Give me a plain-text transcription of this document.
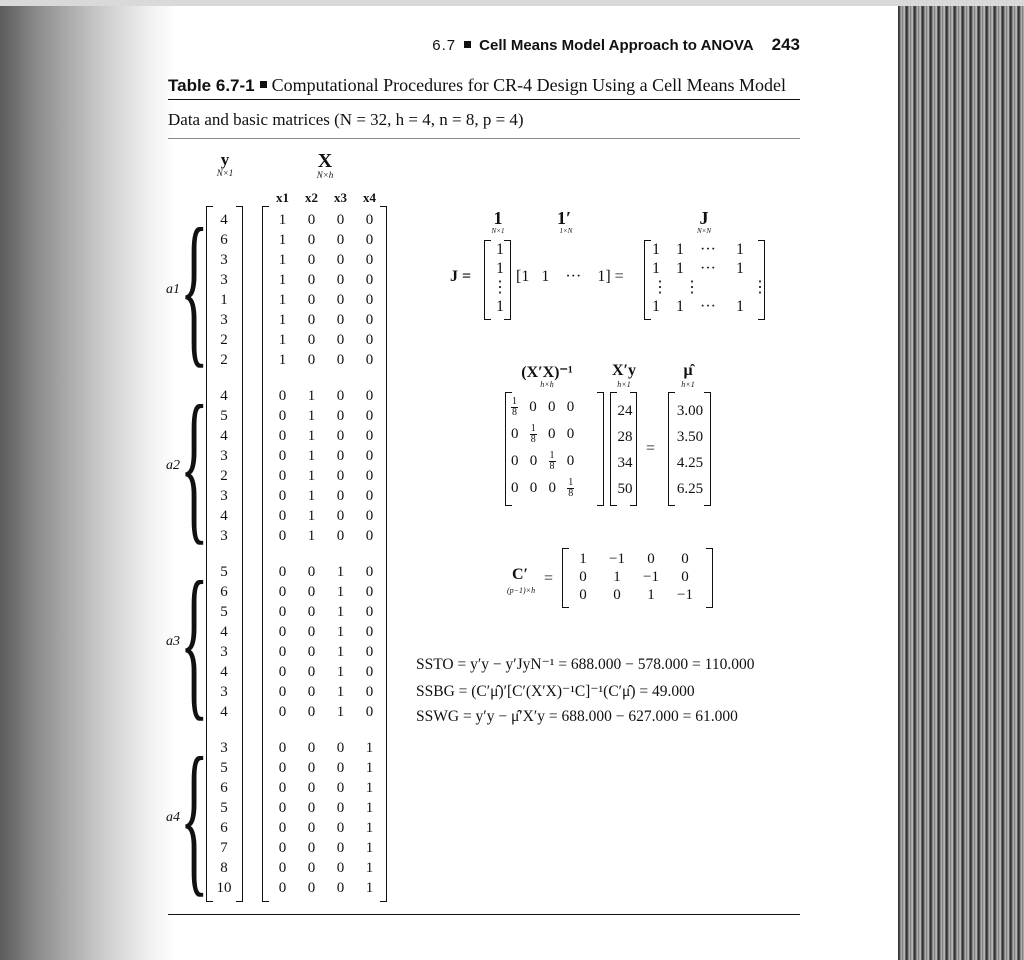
6.7 Cell Means Model Approach to ANOVA 243
Table 6.7-1 Computational Procedures for CR-4 Design Using a Cell Means Model
Data and basic matrices (N = 32, h = 4, n = 8, p = 4)
y
N×1
X
N×h
x1 x2 x3 x4
a1 { 4
6
3
3
1
3
2
2
a2 { 4
5
4
3
2
3
4
3
a3 { 5
6
5
4
3
4
3
4
a4 { 3
5
6
5
6
7
8
10
1 0 0 0
1 0 0 0
1 0 0 0
1 0 0 0
1 0 0 0
1 0 0 0
1 0 0 0
1 0 0 0
0 1 0 0
0 1 0 0
0 1 0 0
0 1 0 0
0 1 0 0
0 1 0 0
0 1 0 0
0 1 0 0
0 0 1 0
0 0 1 0
0 0 1 0
0 0 1 0
0 0 1 0
0 0 1 0
0 0 1 0
0 0 1 0
0 0 0 1
0 0 0 1
0 0 0 1
0 0 0 1
0 0 0 1
0 0 0 1
0 0 0 1
0 0 0 1
1
N×1
1′
1×N
J
N×N
J =
1
1
⋮
1
[1   1    ···    1] =
1    1    ···     1
1    1    ···     1
⋮    ⋮             ⋮
1    1    ···     1
(X′X)⁻¹
h×h
X′y
h×1
μ̂
h×1
$\frac{1}{8} 0$   0   0
$0 \frac{1}{8} 0$   0
0   $0 \frac{1}{8} 0$
0   0   $0 \frac{1}{8}$
24
28
34
50
=
3.00
3.50
4.25
6.25
C′
(p−1)×h
=
1 −1 0 0
0 1 −1 0
0 0 1 −1
SSTO = y′y − y′JyN⁻¹ = 688.000 − 578.000 = 110.000
SSBG = (C′μ̂)′[C′(X′X)⁻¹C]⁻¹(C′μ̂) = 49.000
SSWG = y′y − μ̂′X′y = 688.000 − 627.000 = 61.000
